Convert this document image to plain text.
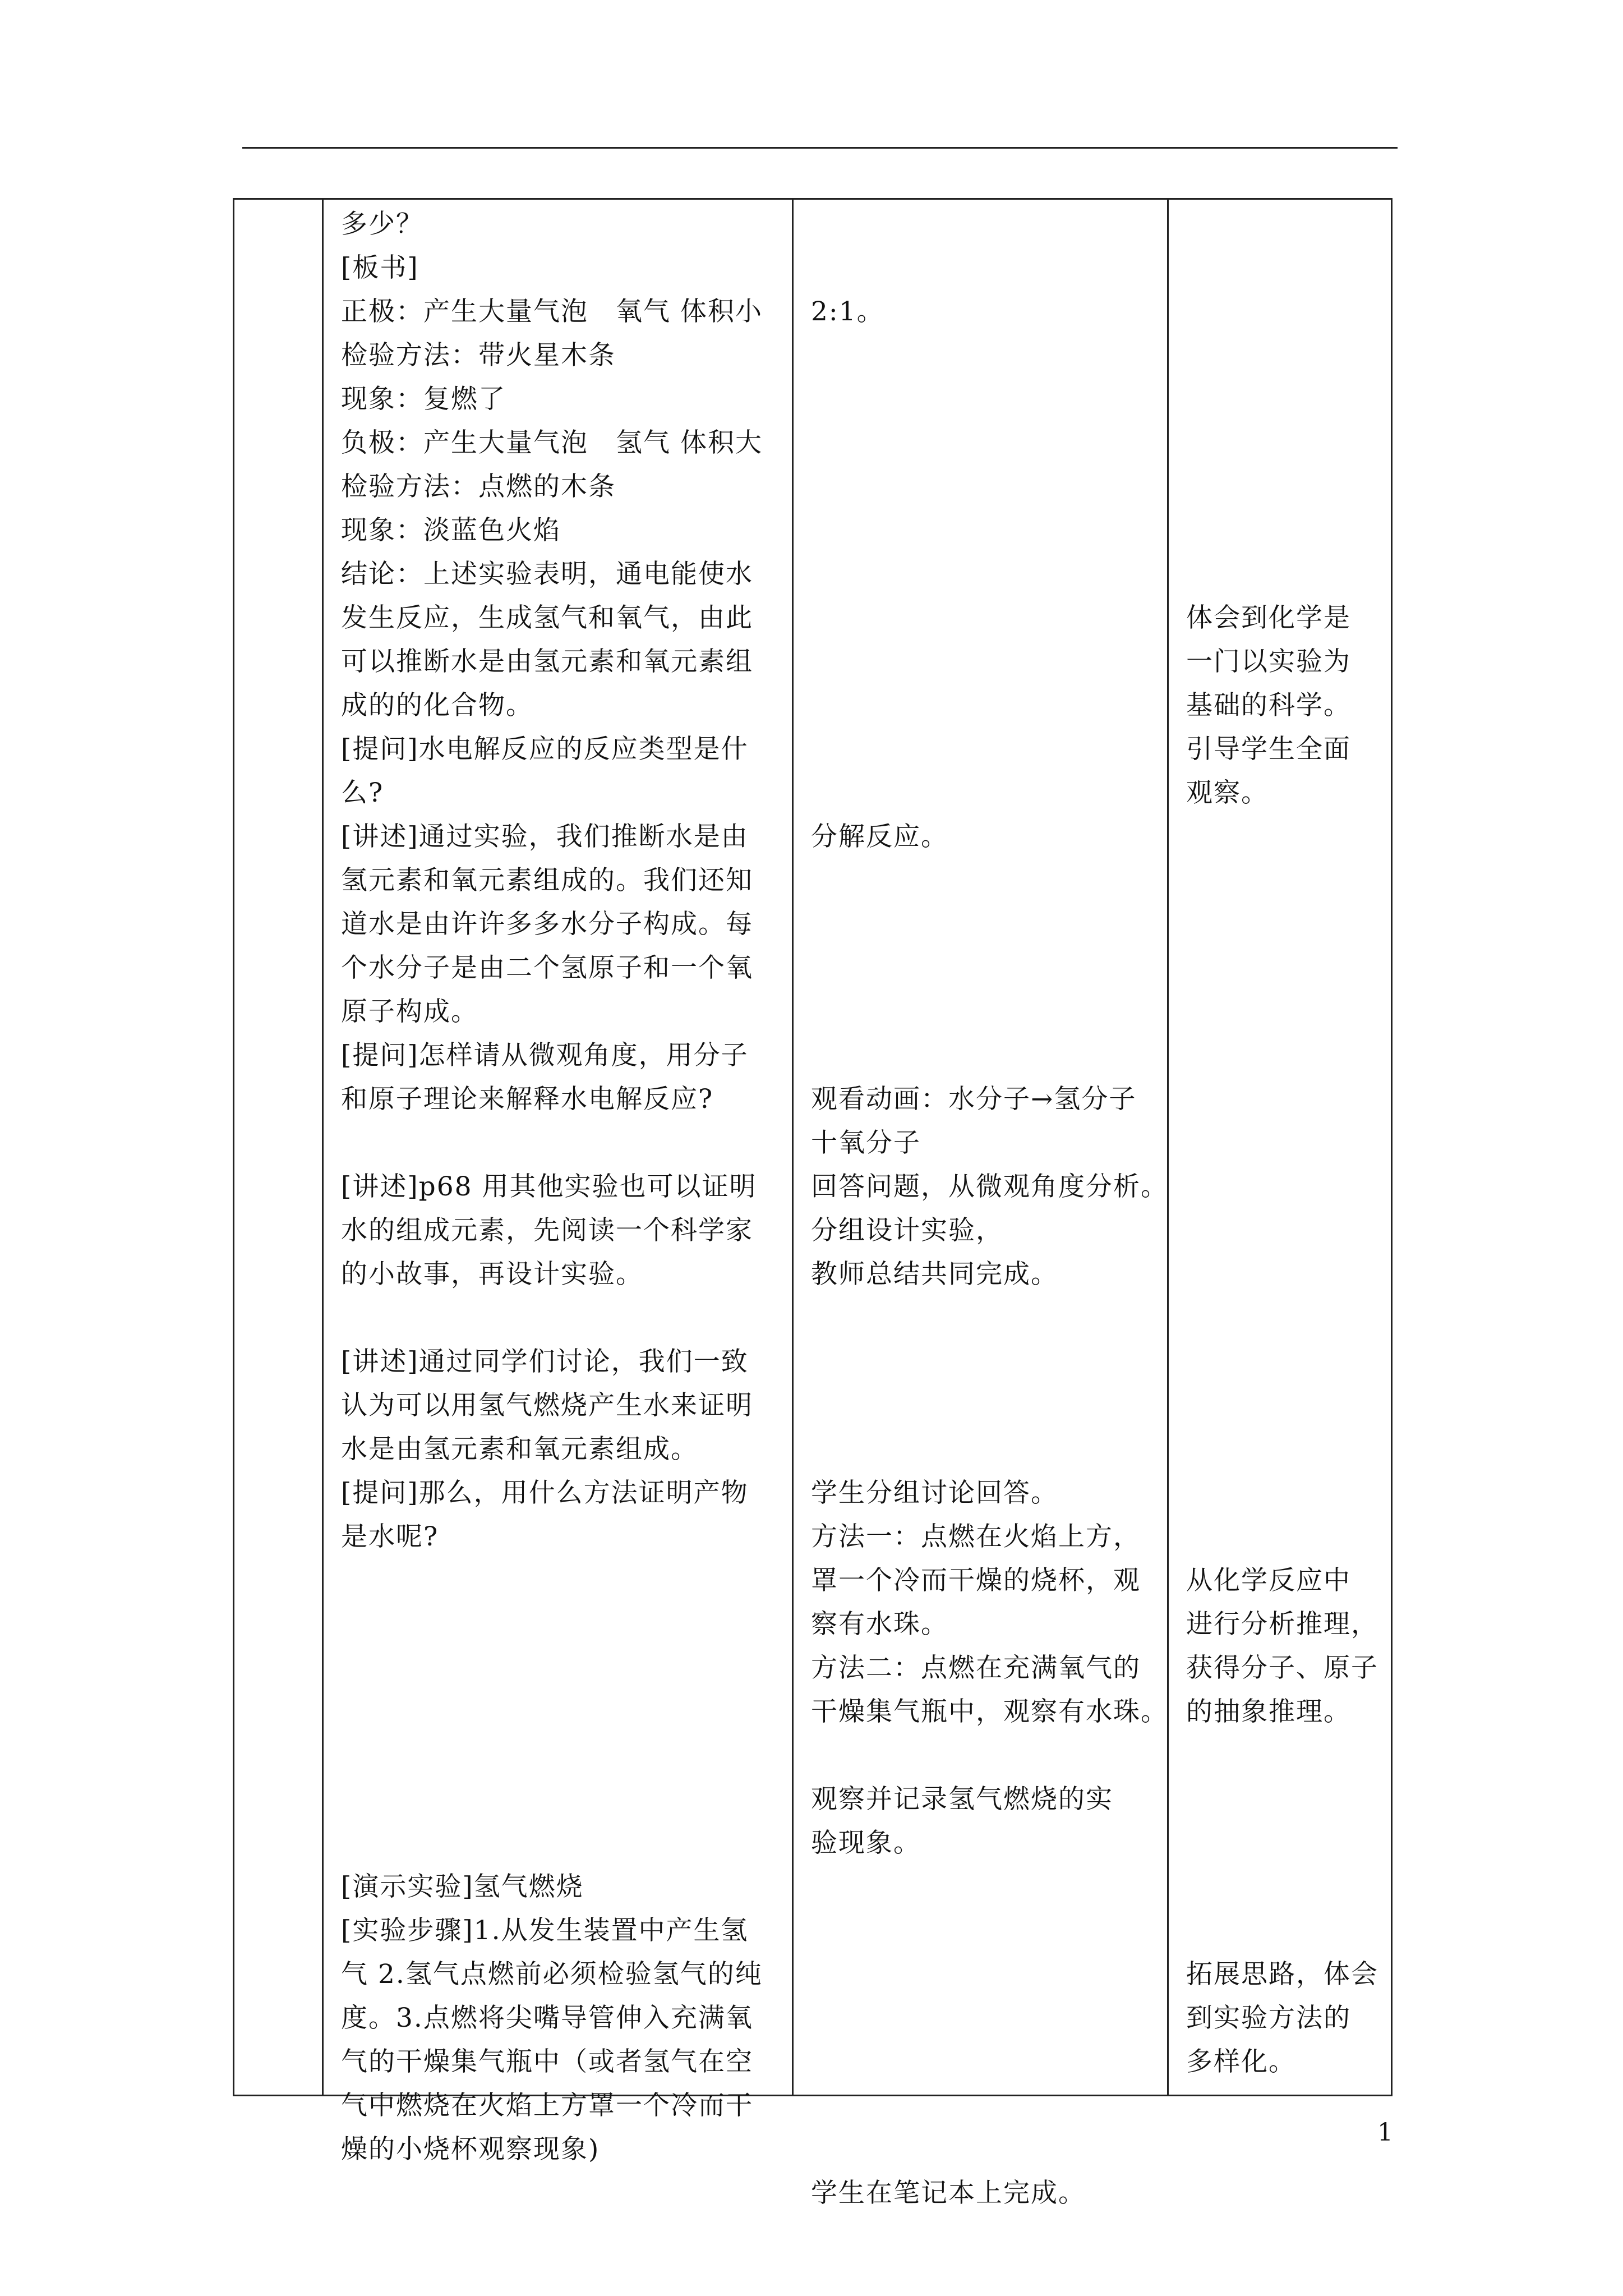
多少？
[板书]
正极：产生大量气泡　氧气 体积小
检验方法：带火星木条
现象：复燃了
负极：产生大量气泡　氢气 体积大
检验方法：点燃的木条
现象：淡蓝色火焰
结论：上述实验表明，通电能使水
发生反应，生成氢气和氧气，由此
可以推断水是由氢元素和氧元素组
成的的化合物。
[提问]水电解反应的反应类型是什
么?
[讲述]通过实验，我们推断水是由
氢元素和氧元素组成的。我们还知
道水是由许许多多水分子构成。每
个水分子是由二个氢原子和一个氧
原子构成。
[提问]怎样请从微观角度，用分子
和原子理论来解释水电解反应?
[讲述]p68 用其他实验也可以证明
水的组成元素，先阅读一个科学家
的小故事，再设计实验。
[讲述]通过同学们讨论，我们一致
认为可以用氢气燃烧产生水来证明
水是由氢元素和氧元素组成。
[提问]那么，用什么方法证明产物
是水呢?
[演示实验]氢气燃烧
[实验步骤]1.从发生装置中产生氢
气 2.氢气点燃前必须检验氢气的纯
度。3.点燃将尖嘴导管伸入充满氧
气的干燥集气瓶中（或者氢气在空
气中燃烧在火焰上方罩一个冷而干
燥的小烧杯观察现象)
2:1。
分解反应。
观看动画：水分子→氢分子
十氧分子
回答问题，从微观角度分析。
分组设计实验，
教师总结共同完成。
学生分组讨论回答。
方法一：点燃在火焰上方，
罩一个冷而干燥的烧杯，观
察有水珠。
方法二：点燃在充满氧气的
干燥集气瓶中，观察有水珠。
观察并记录氢气燃烧的实
验现象。
学生在笔记本上完成。
体会到化学是
一门以实验为
基础的科学。
引导学生全面
观察。
从化学反应中
进行分析推理，
获得分子、原子
的抽象推理。
拓展思路，体会
到实验方法的
多样化。
1
